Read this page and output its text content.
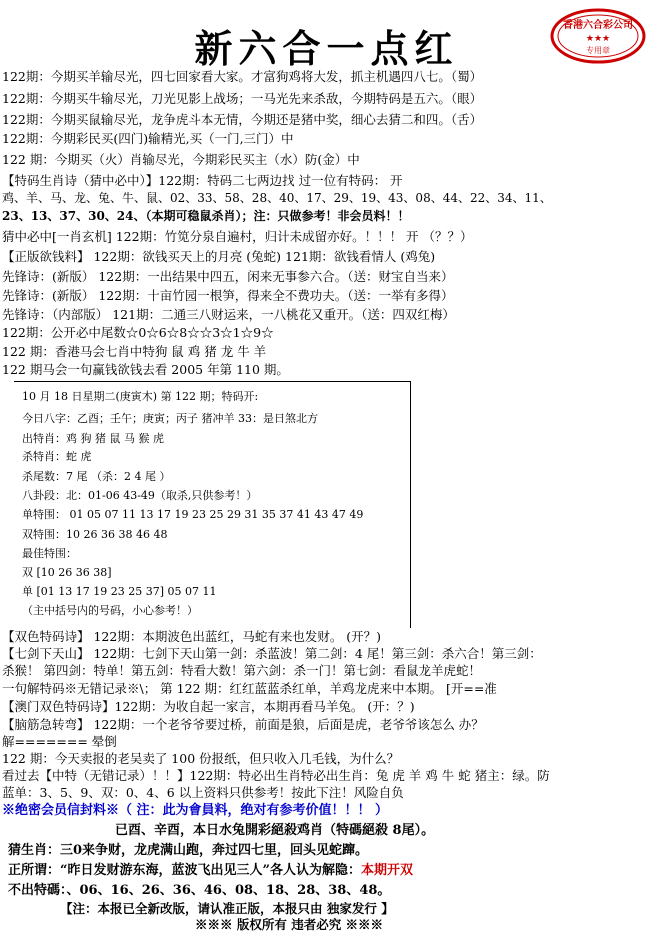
新六合一点红
香港六合彩公司
★★★
专用章
122期：今期买羊输尽光，四七回家看大家。才富狗鸡将大发，抓主机遇四八七。（蜀）
122期：今期买牛输尽光，刀光见影上战场；一马光先来杀敌，今期特码是五六。（眼）
122期：今期买鼠输尽光，龙争虎斗本无情，今期还是猪中奖，细心去猜二和四。（舌）
122期：今期彩民买(四门)输精光,买（一门,三门）中
122 期：今期买（火）肖输尽光，今期彩民买主（水）防(金）中
【特码生肖诗（猜中必中）】122期：特码二七两边找 过一位有特码： 开
鸡、羊、马、龙、兔、牛、鼠、02、33、58、28、40、17、29、19、43、08、44、22、34、11、
23、13、37、30、24、（本期可稳鼠杀肖）；注：只做参考！非会员料！！
猜中必中[一肖玄机] 122期：竹笕分泉自遍村，归计未成留亦好。！！！ 开 （？？）
【正版欲钱料】 122期：欲钱买天上的月亮 (兔蛇) 121期：欲钱看情人 (鸡兔)
先锋诗：(新版） 122期：一出结果中四五，闲来无事参六合。（送：财宝自当来）
先锋诗：(新版） 122期：十亩竹园一根笋，得来全不费功夫。（送：一举有多得）
先锋诗：（内部版） 121期：二通三八财运来，一八桃花又重开。（送：四双红梅）
122期：公开必中尾数☆0☆6☆8☆☆3☆1☆9☆
122 期：香港马会七肖中特狗 鼠 鸡 猪 龙 牛 羊
122 期马会一句赢钱欲钱去看 2005 年第 110 期。
10 月 18 日星期二(庚寅木) 第 122 期；特码开:
今日八字：乙酉；壬午；庚寅；丙子 猪冲羊 33：是日煞北方
出特肖：鸡 狗 猪 鼠 马 猴 虎
杀特肖：蛇 虎
杀尾数：7 尾 （杀：2 4 尾 ）
八卦段：北：01-06 43-49（取杀,只供参考！）
单特围： 01 05 07 11 13 17 19 23 25 29 31 35 37 41 43 47 49
双特围：10 26 36 38 46 48
最佳特围：
双 [10 26 36 38]
单 [01 13 17 19 23 25 37] 05 07 11
（主中括号内的号码，小心参考！）
【双色特码诗】 122期：本期波色出蓝红，马蛇有来也发财。 (开？)
【七剑下天山】 122期：七剑下天山第一剑：杀蓝波！第二剑：4 尾！第三剑：杀六合！第三剑：
杀猴！ 第四剑：特单！第五剑：特看大数！第六剑：杀一门！第七剑：看鼠龙羊虎蛇！
一句解特码※无错记录※\； 第 122 期：红红蓝蓝杀红单，羊鸡龙虎来中本期。 [开==准
【澳门双色特码诗】122期：为收自起一家言，本期再看马羊兔。 (开：？)
【脑筋急转弯】 122期：一个老爷爷要过桥，前面是狼，后面是虎，老爷爷该怎么 办？
解======= 晕倒
122 期：今天卖报的老吴卖了 100 份报纸，但只收入几毛钱，为什么？
看过去【中特（无错记录）！！】122期：特必出生肖特必出生肖：兔 虎 羊 鸡 牛 蛇 猪主：绿。防
蓝单：3、5、9、双：0、4、6 以上资料只供参考！按此下注！风险自负
※绝密会员信封料※（ 注：此为會員料，绝对有参考价值！！！ ）
已酉、辛酉，本日水兔開彩絕殺鸡肖（特碼絕殺 8尾）。
猜生肖：三0来争财，龙虎满山跑，奔过四七里，回头见蛇蹿。
正所谓：“昨日发财游东海，蓝波飞出见三人”各人认为解隐：本期开双
不出特碼：、06、16、26、36、46、08、18、28、38、48。
【注：本报已全新改版，请认准正版，本报只由 独家发行 】
※※※ 版权所有 违者必究 ※※※
